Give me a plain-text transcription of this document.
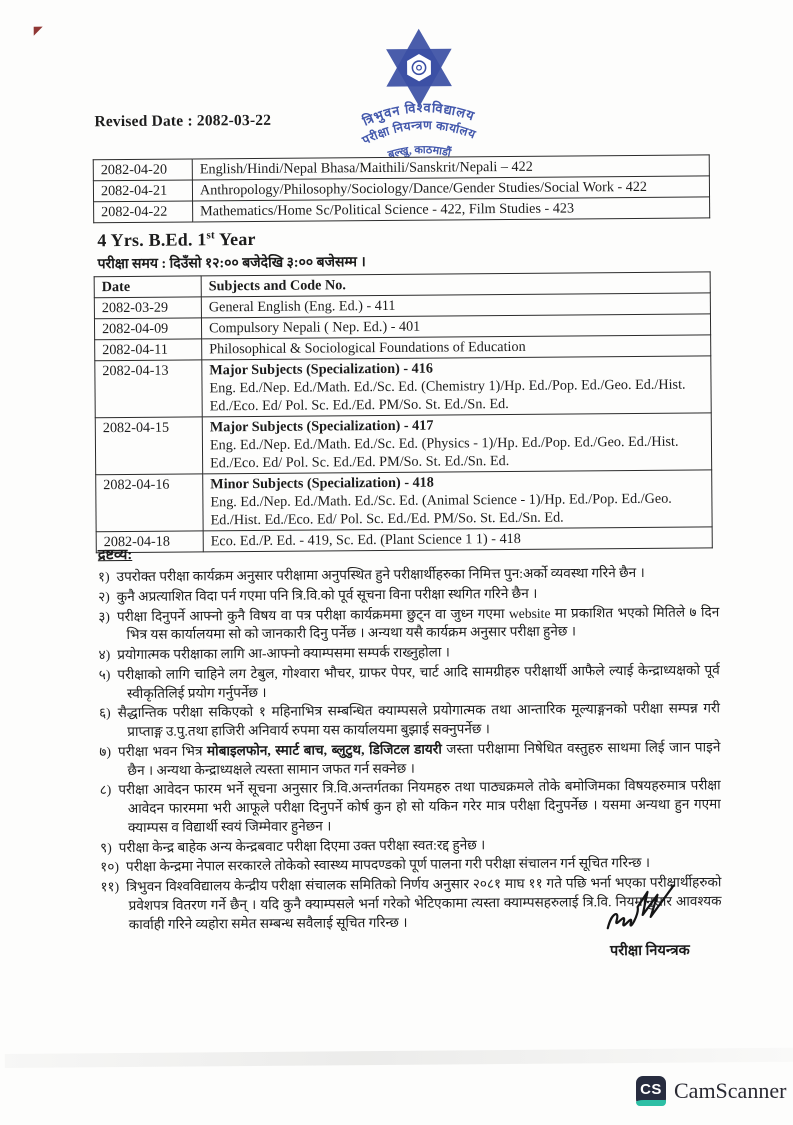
Revised Date : 2082-03-22	त्रिभुवन विश्वविद्यालय
परीक्षा नियन्त्रण कार्यालय
बल्खु, काठमाडौं
2082-04-20	English/Hindi/Nepal Bhasa/Maithili/Sanskrit/Nepali – 422
2082-04-21	Anthropology/Philosophy/Sociology/Dance/Gender Studies/Social Work - 422
2082-04-22	Mathematics/Home Sc/Political Science - 422, Film Studies - 423
4 Yrs. B.Ed. 1st Year
परीक्षा समय : दिउँसो १२:०० बजेदेखि ३:०० बजेसम्म ।
Date	Subjects and Code No.
2082-03-29	General English (Eng. Ed.) - 411
2082-04-09	Compulsory Nepali ( Nep. Ed.) - 401
2082-04-11	Philosophical & Sociological Foundations of Education
2082-04-13	Major Subjects (Specialization) - 416
Eng. Ed./Nep. Ed./Math. Ed./Sc. Ed. (Chemistry 1)/Hp. Ed./Pop. Ed./Geo. Ed./Hist. Ed./Eco. Ed/ Pol. Sc. Ed./Ed. PM/So. St. Ed./Sn. Ed.

2082-04-15	Major Subjects (Specialization) - 417
Eng. Ed./Nep. Ed./Math. Ed./Sc. Ed. (Physics - 1)/Hp. Ed./Pop. Ed./Geo. Ed./Hist. Ed./Eco. Ed/ Pol. Sc. Ed./Ed. PM/So. St. Ed./Sn. Ed.

2082-04-16	Minor Subjects (Specialization) - 418
Eng. Ed./Nep. Ed./Math. Ed./Sc. Ed. (Animal Science - 1)/Hp. Ed./Pop. Ed./Geo. Ed./Hist. Ed./Eco. Ed/ Pol. Sc. Ed./Ed. PM/So. St. Ed./Sn. Ed.

2082-04-18	Eco. Ed./P. Ed. - 419, Sc. Ed. (Plant Science 1 1) - 418
द्रष्टव्य:
१) उपरोक्त परीक्षा कार्यक्रम अनुसार परीक्षामा अनुपस्थित हुने परीक्षार्थीहरुका निमित्त पुन:अर्को व्यवस्था गरिने छैन ।
२) कुनै अप्रत्याशित विदा पर्न गएमा पनि त्रि.वि.को पूर्व सूचना विना परीक्षा स्थगित गरिने छैन ।
३) परीक्षा दिनुपर्ने आफ्नो कुनै विषय वा पत्र परीक्षा कार्यक्रममा छुट्न वा जुध्न गएमा website मा प्रकाशित भएको मितिले ७ दिन भित्र यस कार्यालयमा सो को जानकारी दिनु पर्नेछ । अन्यथा यसै कार्यक्रम अनुसार परीक्षा हुनेछ ।
४) प्रयोगात्मक परीक्षाका लागि आ-आफ्नो क्याम्पसमा सम्पर्क राख्नुहोला ।
५) परीक्षाको लागि चाहिने लग टेबुल, गोश्वारा भौचर, ग्राफर पेपर, चार्ट आदि सामग्रीहरु परीक्षार्थी आफैले ल्याई केन्द्राध्यक्षको पूर्व स्वीकृतिलिई प्रयोग गर्नुपर्नेछ ।
६) सैद्धान्तिक परीक्षा सकिएको १ महिनाभित्र सम्बन्धित क्याम्पसले प्रयोगात्मक तथा आन्तारिक मूल्याङ्गनको परीक्षा सम्पन्न गरी प्राप्ताङ्ग उ.पु.तथा हाजिरी अनिवार्य रुपमा यस कार्यालयमा बुझाई सक्नुपर्नेछ ।
७) परीक्षा भवन भित्र मोबाइलफोन, स्मार्ट बाच, ब्लुटुथ, डिजिटल डायरी जस्ता परीक्षामा निषेधित वस्तुहरु साथमा लिई जान पाइने छैन । अन्यथा केन्द्राध्यक्षले त्यस्ता सामान जफत गर्न सक्नेछ ।
८) परीक्षा आवेदन फारम भर्ने सूचना अनुसार त्रि.वि.अन्तर्गतका नियमहरु तथा पाठ्यक्रमले तोके बमोजिमका विषयहरुमात्र परीक्षा आवेदन फारममा भरी आफूले परीक्षा दिनुपर्ने कोर्ष कुन हो सो यकिन गरेर मात्र परीक्षा दिनुपर्नेछ । यसमा अन्यथा हुन गएमा क्याम्पस व विद्यार्थी स्वयं जिम्मेवार हुनेछन ।
९) परीक्षा केन्द्र बाहेक अन्य केन्द्रबवाट परीक्षा दिएमा उक्त परीक्षा स्वत:रद्द हुनेछ ।
१०) परीक्षा केन्द्रमा नेपाल सरकारले तोकेको स्वास्थ्य मापदण्डको पूर्ण पालना गरी परीक्षा संचालन गर्न सूचित गरिन्छ ।
११) त्रिभुवन विश्वविद्यालय केन्द्रीय परीक्षा संचालक समितिको निर्णय अनुसार २०८१ माघ ११ गते पछि भर्ना भएका परीक्षार्थीहरुको प्रवेशपत्र वितरण गर्ने छैन् । यदि कुनै क्याम्पसले भर्ना गरेको भेटिएकामा त्यस्ता क्याम्पसहरुलाई त्रि.वि. नियमानुसार आवश्यक कार्वाही गरिने व्यहोरा समेत सम्बन्ध सवैलाई सूचित गरिन्छ ।
परीक्षा नियन्त्रक
CS CamScanner
